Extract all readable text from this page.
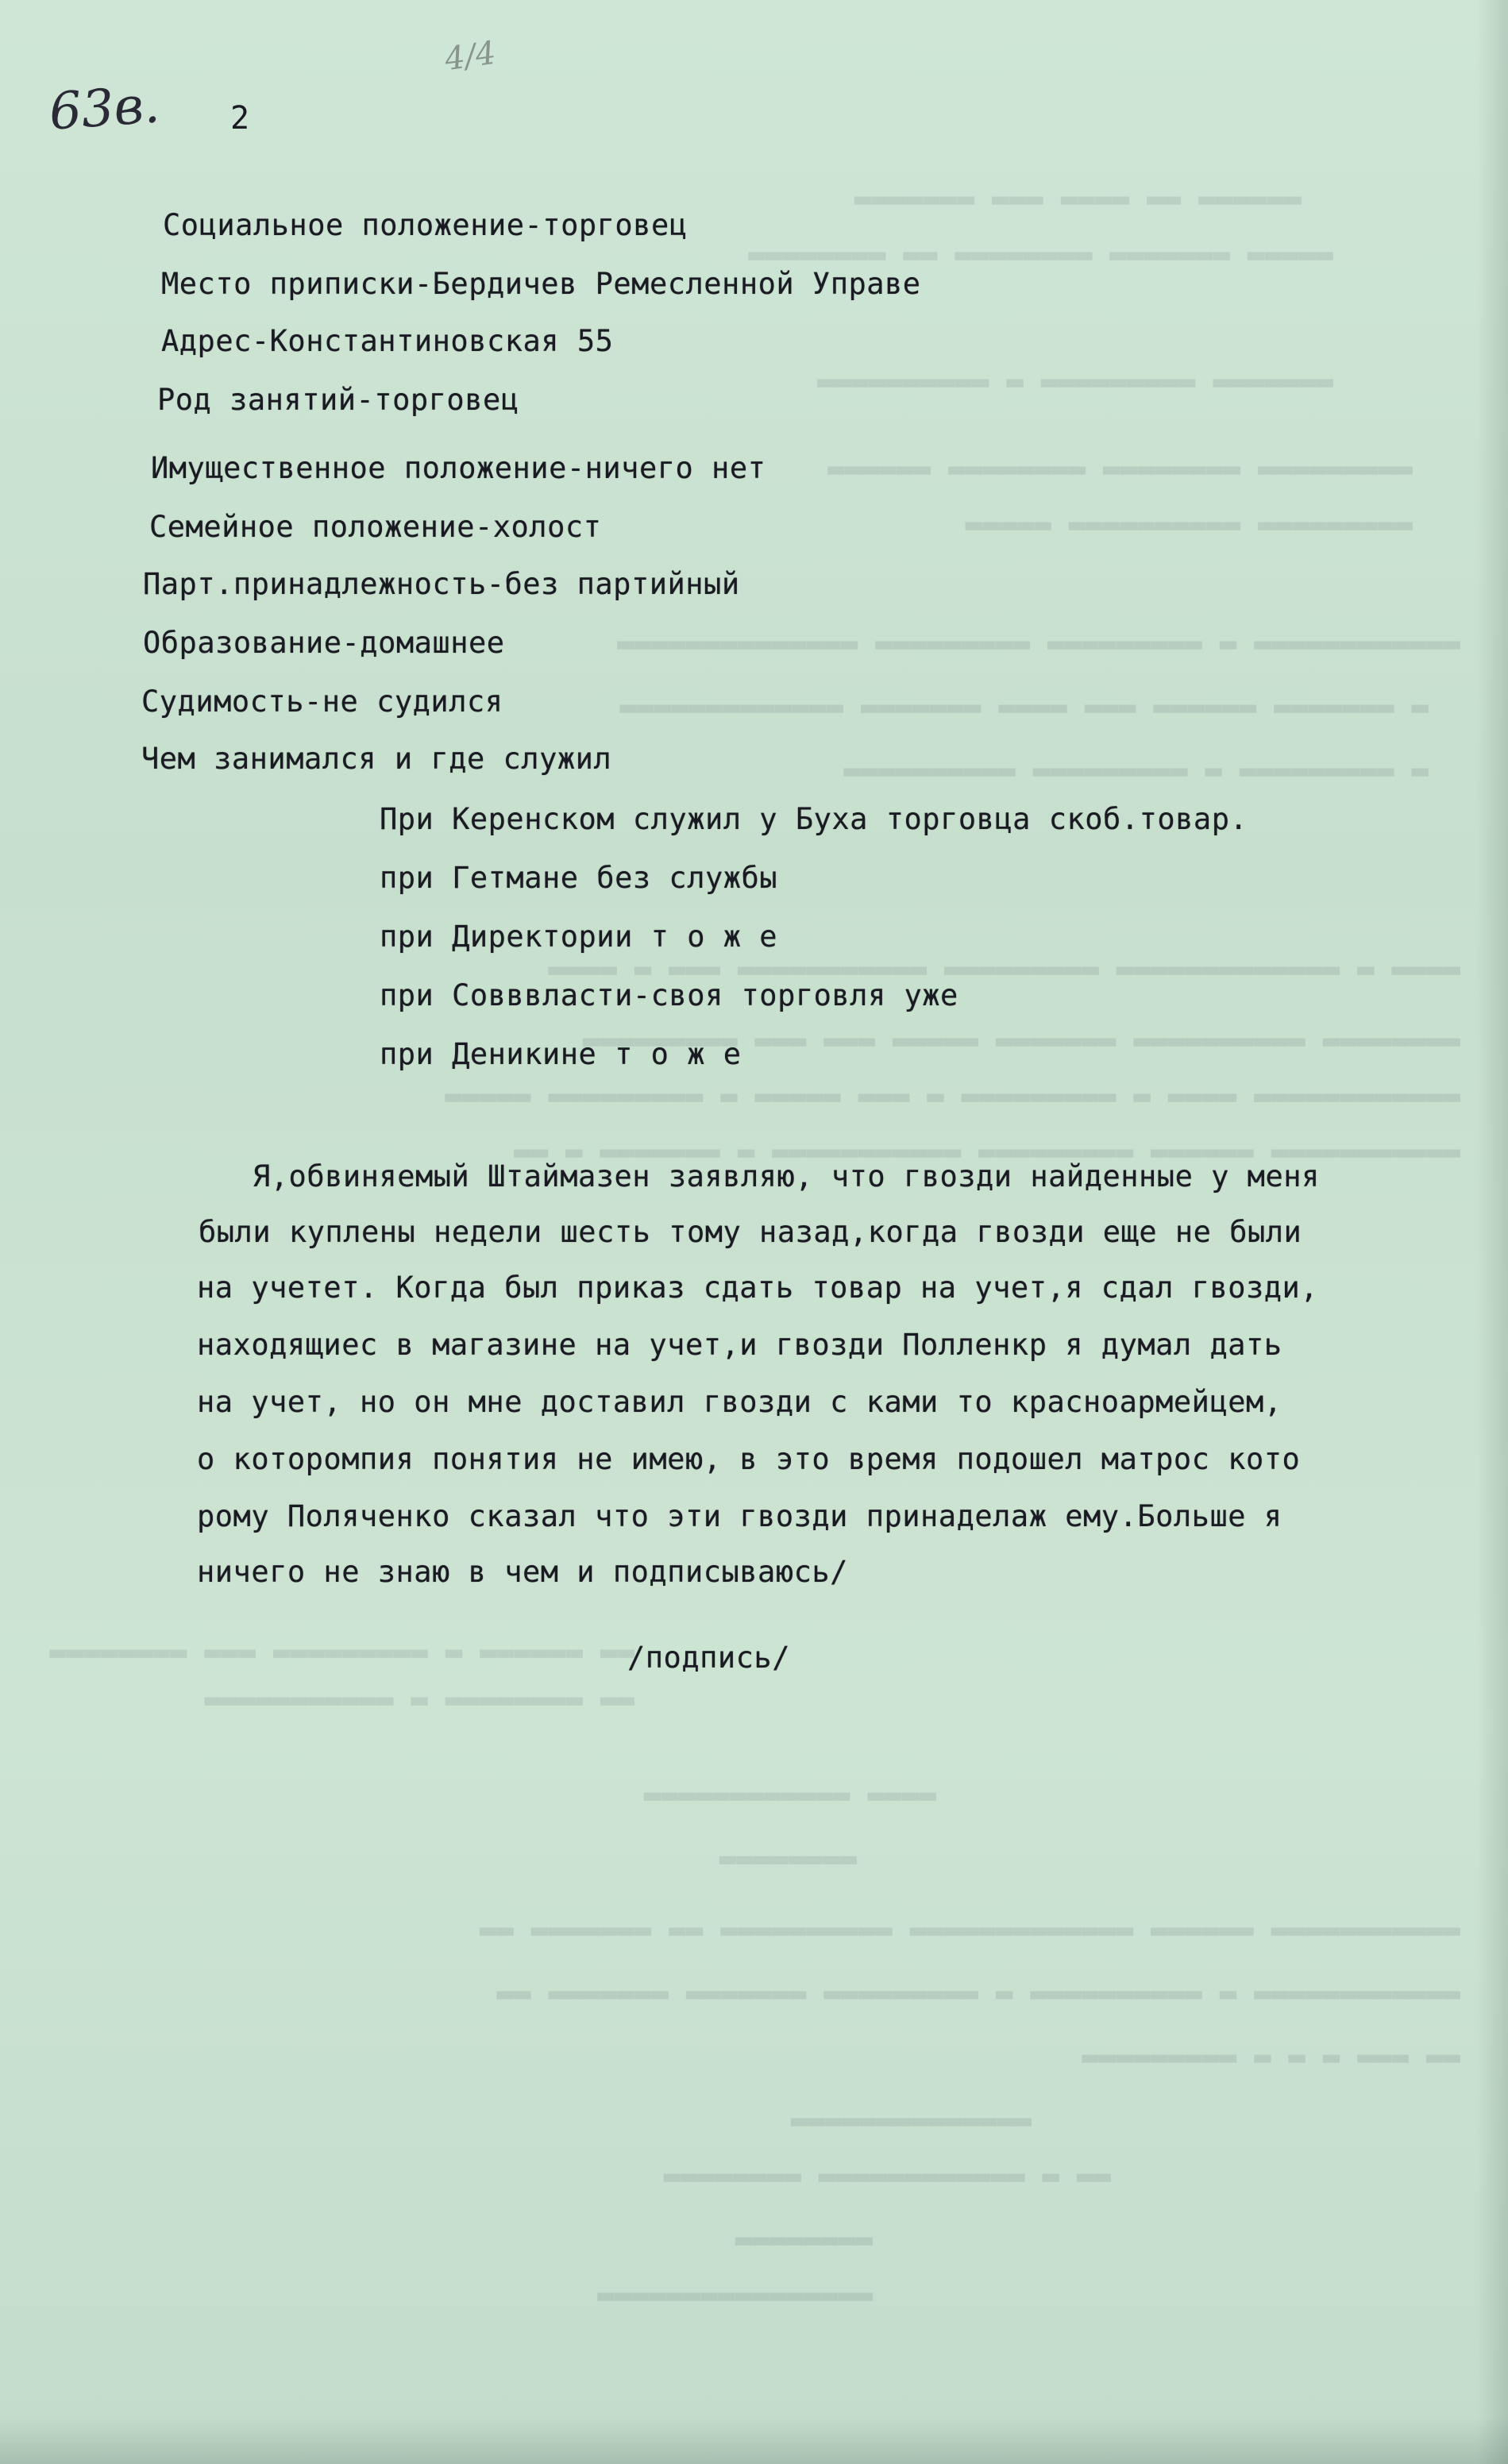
▬▬▬▬▬▬ ▬▬ ▬▬▬▬ ▬▬▬ ▬▬▬▬▬▬▬
▬▬▬▬▬ ▬▬▬▬▬▬▬ ▬▬▬▬▬▬▬▬ ▬▬ ▬▬▬▬▬▬▬▬
▬▬▬▬▬▬▬ ▬▬▬▬▬▬▬▬▬ ▬ ▬▬▬▬▬▬▬▬▬▬
▬▬▬▬▬▬▬▬▬ ▬▬▬▬▬▬▬▬ ▬▬▬▬▬▬▬▬ ▬▬▬▬▬▬
▬▬▬▬▬▬▬▬▬ ▬▬▬▬▬▬▬▬▬▬ ▬▬▬▬▬
▬▬▬▬▬▬▬▬▬▬▬▬ ▬ ▬▬▬▬▬▬▬▬▬ ▬▬▬▬▬▬▬▬▬ ▬▬▬▬▬▬▬▬▬▬▬▬▬▬
▬ ▬▬▬▬▬▬▬ ▬▬▬▬▬▬ ▬▬▬ ▬▬▬▬ ▬▬▬▬▬▬▬ ▬▬▬▬▬▬▬▬▬▬▬▬▬
▬ ▬▬▬▬▬▬▬▬▬ ▬ ▬▬▬▬▬▬▬▬▬ ▬▬▬▬▬▬▬▬▬▬
▬▬▬▬ ▬ ▬▬▬▬▬▬▬▬▬▬▬▬▬ ▬▬▬▬▬▬▬▬▬ ▬▬▬▬▬▬▬▬▬▬▬ ▬▬▬ ▬ ▬▬▬▬
▬▬▬▬▬▬▬▬ ▬▬▬▬▬▬▬▬▬▬ ▬▬▬▬▬▬▬ ▬▬▬▬▬ ▬▬▬ ▬▬▬ ▬▬▬▬▬▬▬▬▬
▬▬▬▬▬▬▬▬▬▬▬▬ ▬▬▬▬ ▬ ▬▬▬▬▬▬▬▬▬ ▬ ▬▬▬ ▬▬▬▬▬ ▬ ▬▬▬▬▬▬▬▬▬ ▬▬▬▬▬
▬▬▬▬▬▬▬▬▬▬▬ ▬▬▬▬▬▬ ▬▬▬▬▬▬▬▬▬ ▬▬▬▬▬▬▬▬▬▬▬ ▬ ▬▬▬▬▬▬▬ ▬ ▬▬
▬▬ ▬▬▬▬▬▬ ▬ ▬▬▬▬▬▬▬▬▬ ▬▬▬ ▬▬▬▬▬▬▬▬
▬▬ ▬▬▬▬▬▬▬▬ ▬ ▬▬▬▬▬▬▬▬▬▬▬
▬▬▬▬ ▬▬▬▬▬▬▬▬▬▬▬▬
▬▬▬▬▬▬▬▬
▬▬▬▬▬▬▬▬▬▬▬ ▬▬▬▬▬▬ ▬▬▬▬▬▬▬▬▬▬▬▬▬ ▬▬▬▬▬▬▬▬▬▬ ▬▬ ▬▬▬▬▬▬▬ ▬▬
▬▬▬▬▬▬▬▬▬▬▬▬ ▬ ▬▬▬▬▬▬▬▬▬▬ ▬ ▬▬▬▬▬▬▬▬▬ ▬▬▬▬▬▬▬ ▬▬▬▬▬▬▬ ▬▬
▬▬ ▬▬▬ ▬ ▬ ▬ ▬▬▬▬▬▬▬▬▬
▬▬▬▬▬▬▬▬▬▬▬▬▬▬
▬▬ ▬ ▬▬▬▬▬▬▬▬▬▬▬▬ ▬▬▬▬▬▬▬▬
▬▬▬▬▬▬▬▬
▬▬▬▬▬▬▬▬▬▬▬▬▬▬▬▬
63в.
4/4
2
Социальное положение-торговец
Место приписки-Бердичев Ремесленной Управе
Адрес-Константиновская 55
Род занятий-торговец
Имущественное положение-ничего нет
Семейное положение-холост
Парт.принадлежность-без партийный
Образование-домашнее
Судимость-не судился
Чем занимался и где служил
При Керенском служил у Буха торговца скоб.товар.
при Гетмане без службы
при Директории т о ж е
при Совввласти-своя торговля уже
при Деникине т о ж е
Я,обвиняемый Штаймазен заявляю, что гвозди найденные у меня
были куплены недели шесть тому назад,когда гвозди еще не были
на учетет. Когда был приказ сдать товар на учет,я сдал гвозди,
находящиес в магазине на учет,и гвозди Полленкр я думал дать
на учет, но он мне доставил гвозди с ками то красноармейцем,
о которомпия понятия не имею, в это время подошел матрос кото
рому Поляченко сказал что эти гвозди принаделаж ему.Больше я
ничего не знаю в чем и подписываюсь/
/подпись/
